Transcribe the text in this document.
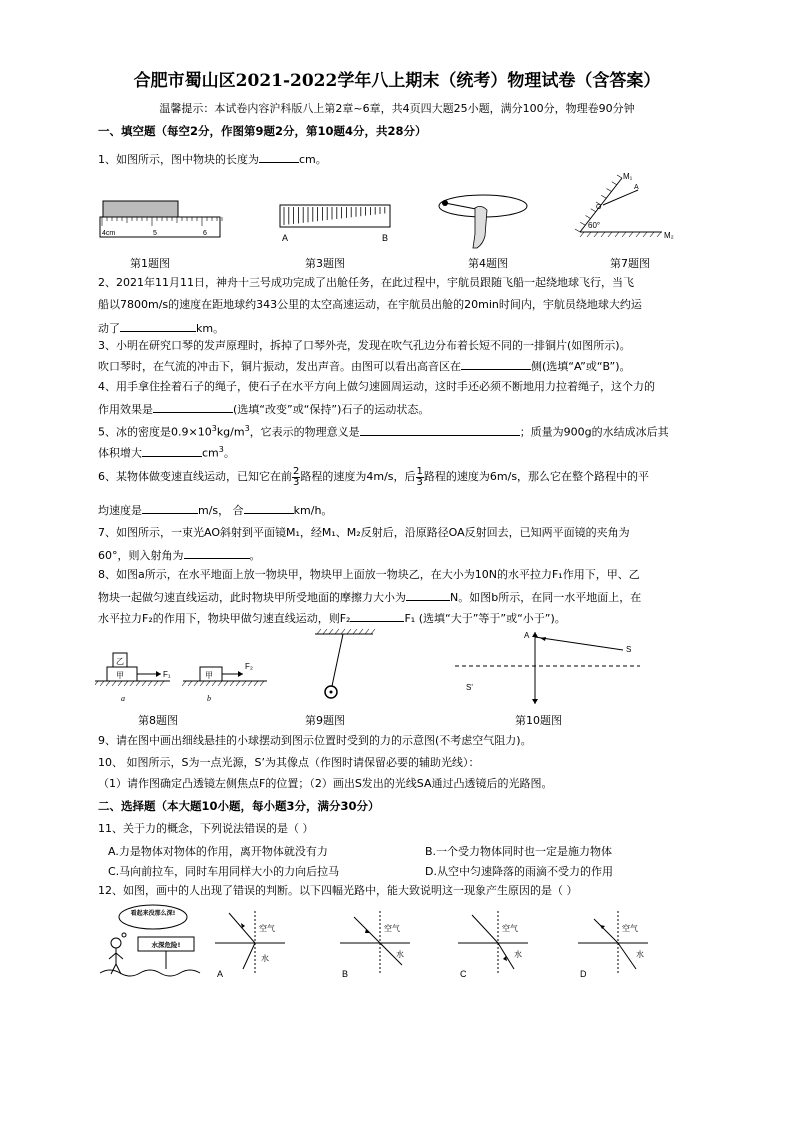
合肥市蜀山区2021-2022学年八上期末（统考）物理试卷（含答案）
温馨提示：本试卷内容沪科版八上第2章~6章，共4页四大题25小题，满分100分，物理卷90分钟
一、填空题（每空2分，作图第9题2分，第10题4分，共28分）
1、如图所示，图中物块的长度为	cm。
4cm	5	6	A	B
M₁
M₂
A
O
60°
第1题图	第3题图	第4题图	第7题图
2、2021年11月11日，神舟十三号成功完成了出舱任务，在此过程中，宇航员跟随飞船一起绕地球飞行，当飞
船以7800m/s的速度在距地球约343公里的太空高速运动，在宇航员出舱的20min时间内，宇航员绕地球大约运
动了	km。
3、小明在研究口琴的发声原理时，拆掉了口琴外壳，发现在吹气孔边分布着长短不同的一排铜片(如图所示)。
吹口琴时，在气流的冲击下，铜片振动，发出声音。由图可以看出高音区在	侧(选填“A”或“B”)。
4、用手拿住拴着石子的绳子，使石子在水平方向上做匀速圆周运动，这时手还必须不断地用力拉着绳子，这个力的
作用效果是	(选填“改变”或“保持”)石子的运动状态。
5、冰的密度是$0.9\times 10^3kg/m^3$，它表示的物理意义是	；质量为900g的水结成冰后其
体积增大	$cm^3$。
6、某物体做变速直线运动，已知它在前 $\frac{2}{3}$ 路程的速度为4m/s，后 $\frac{1}{3}$ 路程的速度为6m/s，那么它在整个路程中的平
均速度是	m/s， 合	km/h。
7、如图所示，一束光AO斜射到平面镜M₁，经M₁、M₂反射后，沿原路径OA反射回去，已知两平面镜的夹角为
60°，则入射角为	。
8、如图a所示，在水平地面上放一物块甲，物块甲上面放一物块乙，在大小为10N的水平拉力F₁作用下，甲、乙
物块一起做匀速直线运动，此时物块甲所受地面的摩擦力大小为	N。如图b所示，在同一水平地面上，在
水平拉力F₂的作用下，物块甲做匀速直线运动，则F₂	F₁ (选填“大于”等于”或“小于”)。
乙
甲	甲
F₁
F₂
a	b
A
S
S'
第8题图	第9题图	第10题图
9、请在图中画出细线悬挂的小球摆动到图示位置时受到的力的示意图(不考虑空气阻力)。
10、 如图所示，S为一点光源，S’为其像点（作图时请保留必要的辅助光线）：
（1）请作图确定凸透镜左侧焦点F的位置；（2）画出S发出的光线SA通过凸透镜后的光路图。
二、选择题（本大题10小题，每小题3分，满分30分）
11、关于力的概念，下列说法错误的是（ ）
A.力是物体对物体的作用，离开物体就没有力	B.一个受力物体同时也一定是施力物体
C.马向前拉车，同时车用同样大小的力向后拉马	D.从空中匀速降落的雨滴不受力的作用
12、如图，画中的人出现了错误的判断。以下四幅光路中，能大致说明这一现象产生原因的是（ ）
看起来没那么深!
水深危险!
空气
水
A
空气
水
B
空气
水
C
空气
水
D
